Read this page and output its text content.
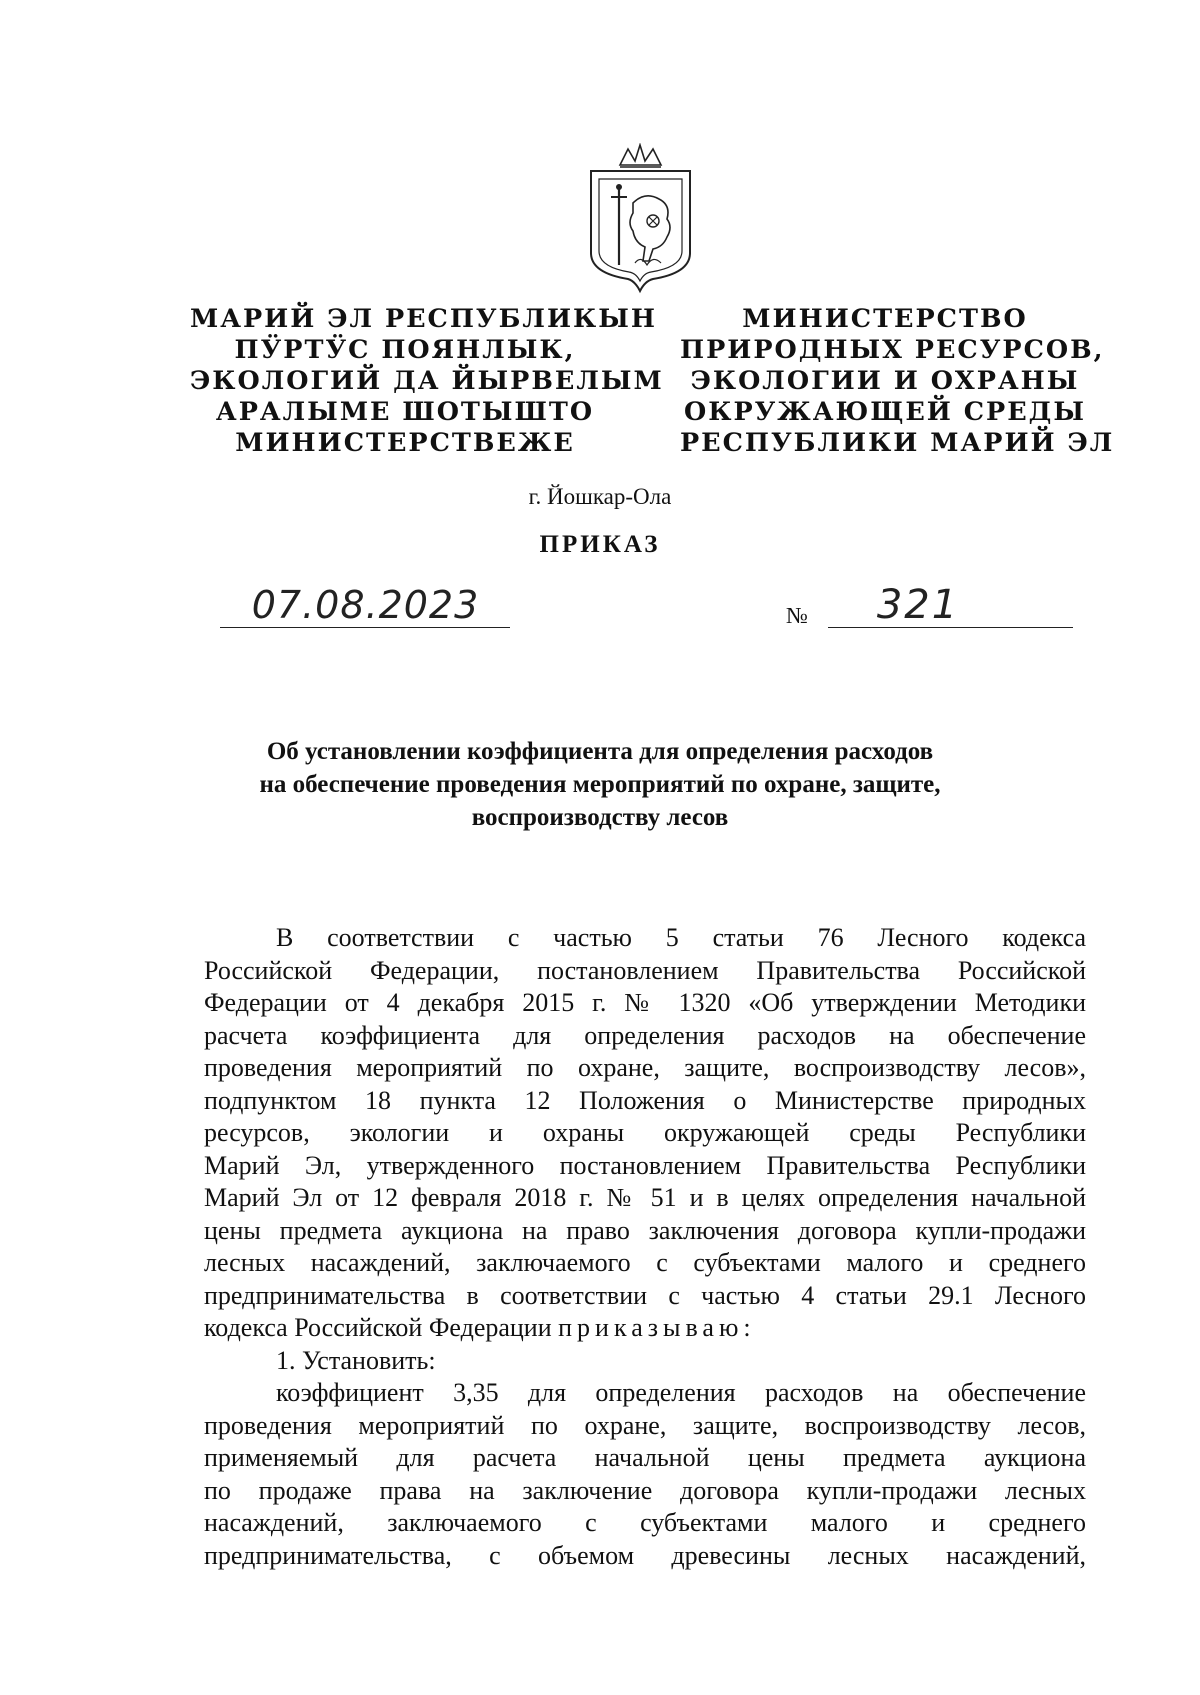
МАРИЙ ЭЛ РЕСПУБЛИКЫН
ПӰРТӰС ПОЯНЛЫК,
ЭКОЛОГИЙ ДА ЙЫРВЕЛЫМ
АРАЛЫМЕ ШОТЫШТО
МИНИСТЕРСТВЕЖЕ
МИНИСТЕРСТВО
ПРИРОДНЫХ РЕСУРСОВ,
ЭКОЛОГИИ И ОХРАНЫ
ОКРУЖАЮЩЕЙ СРЕДЫ
РЕСПУБЛИКИ МАРИЙ ЭЛ
г. Йошкар-Ола
ПРИКАЗ
07.08.2023	№	321
Об установлении коэффициента для определения расходов
на обеспечение проведения мероприятий по охране, защите,
воспроизводству лесов
В соответствии с частью 5 статьи 76 Лесного кодекса
Российской Федерации, постановлением Правительства Российской
Федерации от 4 декабря 2015 г. № 1320 «Об утверждении Методики
расчета коэффициента для определения расходов на обеспечение
проведения мероприятий по охране, защите, воспроизводству лесов»,
подпунктом 18 пункта 12 Положения о Министерстве природных
ресурсов, экологии и охраны окружающей среды Республики
Марий Эл, утвержденного постановлением Правительства Республики
Марий Эл от 12 февраля 2018 г. № 51 и в целях определения начальной
цены предмета аукциона на право заключения договора купли-продажи
лесных насаждений, заключаемого с субъектами малого и среднего
предпринимательства в соответствии с частью 4 статьи 29.1 Лесного
кодекса Российской Федерации приказываю:
1. Установить:
коэффициент 3,35 для определения расходов на обеспечение
проведения мероприятий по охране, защите, воспроизводству лесов,
применяемый для расчета начальной цены предмета аукциона
по продаже права на заключение договора купли-продажи лесных
насаждений, заключаемого с субъектами малого и среднего
предпринимательства, с объемом древесины лесных насаждений,
